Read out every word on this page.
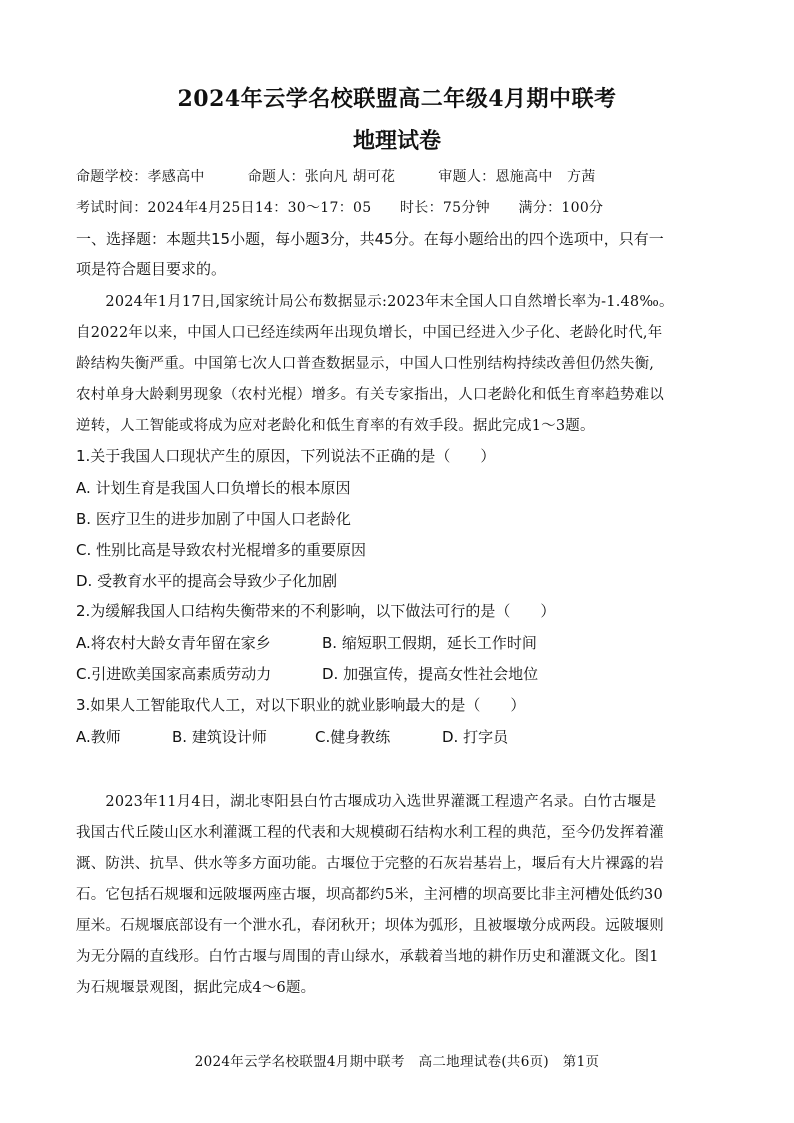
2024年云学名校联盟高二年级4月期中联考
地理试卷
命题学校：孝感高中　　　命题人：张向凡 胡可花　　　审题人：恩施高中　方茜
考试时间：2024年4月25日14：30～17：05　　时长：75分钟　　满分：100分
一、选择题：本题共15小题，每小题3分，共45分。在每小题给出的四个选项中，只有一
项是符合题目要求的。
　　2024年1月17日,国家统计局公布数据显示:2023年末全国人口自然增长率为-1.48‰。
自2022年以来，中国人口已经连续两年出现负增长，中国已经进入少子化、老龄化时代,年
龄结构失衡严重。中国第七次人口普查数据显示，中国人口性别结构持续改善但仍然失衡,
农村单身大龄剩男现象（农村光棍）增多。有关专家指出，人口老龄化和低生育率趋势难以
逆转，人工智能或将成为应对老龄化和低生育率的有效手段。据此完成1～3题。
1.关于我国人口现状产生的原因，下列说法不正确的是（　　）
A. 计划生育是我国人口负增长的根本原因
B. 医疗卫生的进步加剧了中国人口老龄化
C. 性别比高是导致农村光棍增多的重要原因
D. 受教育水平的提高会导致少子化加剧
2.为缓解我国人口结构失衡带来的不利影响，以下做法可行的是（　　）
A.将农村大龄女青年留在家乡	B. 缩短职工假期，延长工作时间
C.引进欧美国家高素质劳动力	D. 加强宣传，提高女性社会地位
3.如果人工智能取代人工，对以下职业的就业影响最大的是（　　）
A.教师	B. 建筑设计师	C.健身教练	D. 打字员
　　2023年11月4日，湖北枣阳县白竹古堰成功入选世界灌溉工程遗产名录。白竹古堰是
我国古代丘陵山区水利灌溉工程的代表和大规模砌石结构水利工程的典范，至今仍发挥着灌
溉、防洪、抗旱、供水等多方面功能。古堰位于完整的石灰岩基岩上，堰后有大片裸露的岩
石。它包括石规堰和远陂堰两座古堰，坝高都约5米，主河槽的坝高要比非主河槽处低约30
厘米。石规堰底部设有一个泄水孔，春闭秋开；坝体为弧形，且被堰墩分成两段。远陂堰则
为无分隔的直线形。白竹古堰与周围的青山绿水，承载着当地的耕作历史和灌溉文化。图1
为石规堰景观图，据此完成4～6题。
2024年云学名校联盟4月期中联考　高二地理试卷(共6页)　第1页
